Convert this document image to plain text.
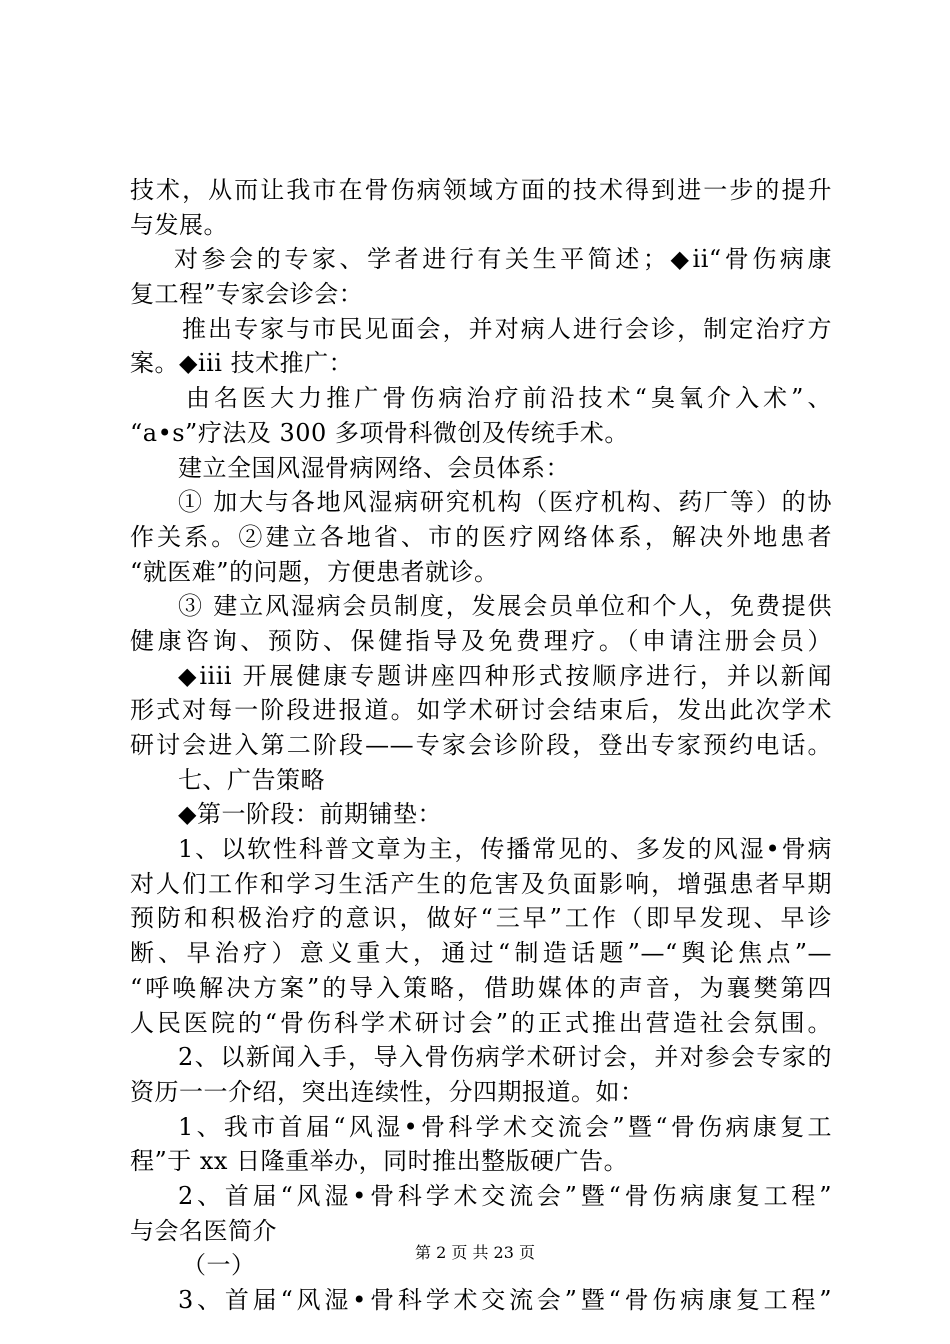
技术，从而让我市在骨伤病领域方面的技术得到进一步的提升
与发展。
对参会的专家、学者进行有关生平简述；◆ii“骨伤病康
复工程”专家会诊会：
推出专家与市民见面会，并对病人进行会诊，制定治疗方
案。◆iii 技术推广：
由名医大力推广骨伤病治疗前沿技术“臭氧介入术”、
“a•s”疗法及 300 多项骨科微创及传统手术。
建立全国风湿骨病网络、会员体系：
① 加大与各地风湿病研究机构（医疗机构、药厂等）的协
作关系。②建立各地省、市的医疗网络体系，解决外地患者
“就医难”的问题，方便患者就诊。
③ 建立风湿病会员制度，发展会员单位和个人，免费提供
健康咨询、预防、保健指导及免费理疗。（申请注册会员）
◆iiii 开展健康专题讲座四种形式按顺序进行，并以新闻
形式对每一阶段进报道。如学术研讨会结束后，发出此次学术
研讨会进入第二阶段——专家会诊阶段，登出专家预约电话。
七、广告策略
◆第一阶段：前期铺垫：
1、以软性科普文章为主，传播常见的、多发的风湿•骨病
对人们工作和学习生活产生的危害及负面影响，增强患者早期
预防和积极治疗的意识，做好“三早”工作（即早发现、早诊
断、早治疗）意义重大，通过“制造话题”—“舆论焦点”—
“呼唤解决方案”的导入策略，借助媒体的声音，为襄樊第四
人民医院的“骨伤科学术研讨会”的正式推出营造社会氛围。
2、以新闻入手，导入骨伤病学术研讨会，并对参会专家的
资历一一介绍，突出连续性，分四期报道。如：
1、我市首届“风湿•骨科学术交流会”暨“骨伤病康复工
程”于 xx 日隆重举办，同时推出整版硬广告。
2、首届“风湿•骨科学术交流会”暨“骨伤病康复工程”
与会名医简介
（一）
3、首届“风湿•骨科学术交流会”暨“骨伤病康复工程”
第 2 页 共 23 页
